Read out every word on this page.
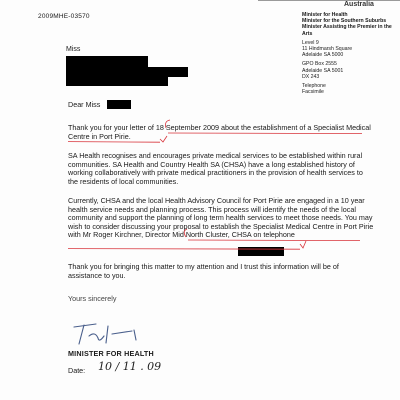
Australia
2009MHE-03570	Minister for Health
Minister for the Southern Suburbs
Minister Assisting the Premier in the Arts
Level 9
11 Hindmarsh Square
Adelaide SA 5000
GPO Box 2555
Adelaide SA 5001
DX 243
Telephone
Facsimile
Miss
Dear Miss
Thank you for your letter of 18 September 2009 about the establishment of a Specialist Medical Centre in Port Pirie.
SA Health recognises and encourages private medical services to be established within rural communities. SA Health and Country Health SA (CHSA) have a long established history of working collaboratively with private medical practitioners in the provision of health services to the residents of local communities.
Currently, CHSA and the local Health Advisory Council for Port Pirie are engaged in a 10 year health service needs and planning process. This process will identify the needs of the local community and support the planning of long term health services to meet those needs. You may wish to consider discussing your proposal to establish the Specialist Medical Centre in Port Pirie with Mr Roger Kirchner, Director Mid North Cluster, CHSA on telephone
Thank you for bringing this matter to my attention and I trust this information will be of assistance to you.
Yours sincerely
MINISTER FOR HEALTH
Date: 10 / 11 . 09
